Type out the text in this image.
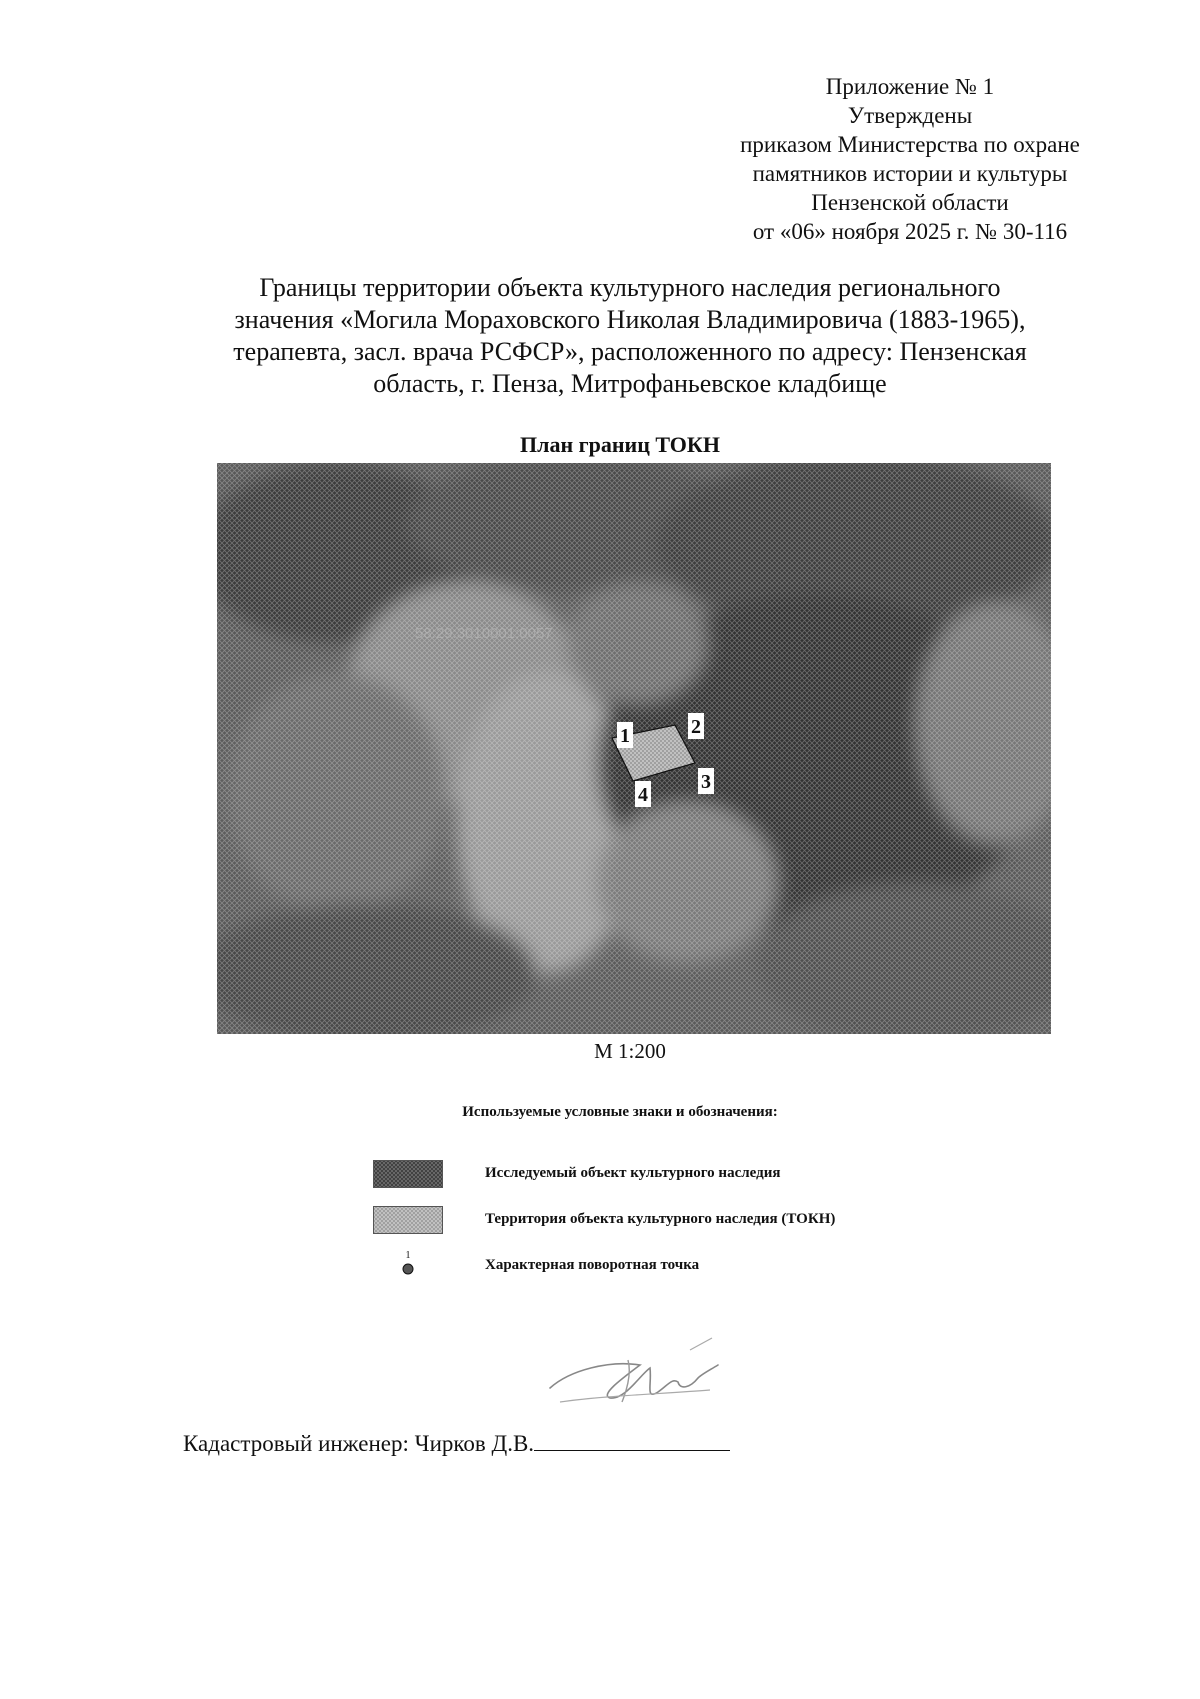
Приложение № 1
Утверждены
приказом Министерства по охране
памятников истории и культуры
Пензенской области
от «06» ноября 2025 г. № 30-116
Границы территории объекта культурного наследия регионального
значения «Могила Мораховского Николая Владимировича (1883-1965),
терапевта, засл. врача РСФСР», расположенного по адресу: Пензенская
область, г. Пенза, Митрофаньевское кладбище
План границ ТОКН
58:29:3010001:0057
1	2
3
4
М 1:200
Используемые условные знаки и обозначения:
Исследуемый объект культурного наследия
Территория объекта культурного наследия (ТОКН)
1
Характерная поворотная точка
Кадастровый инженер: Чирков Д.В.
